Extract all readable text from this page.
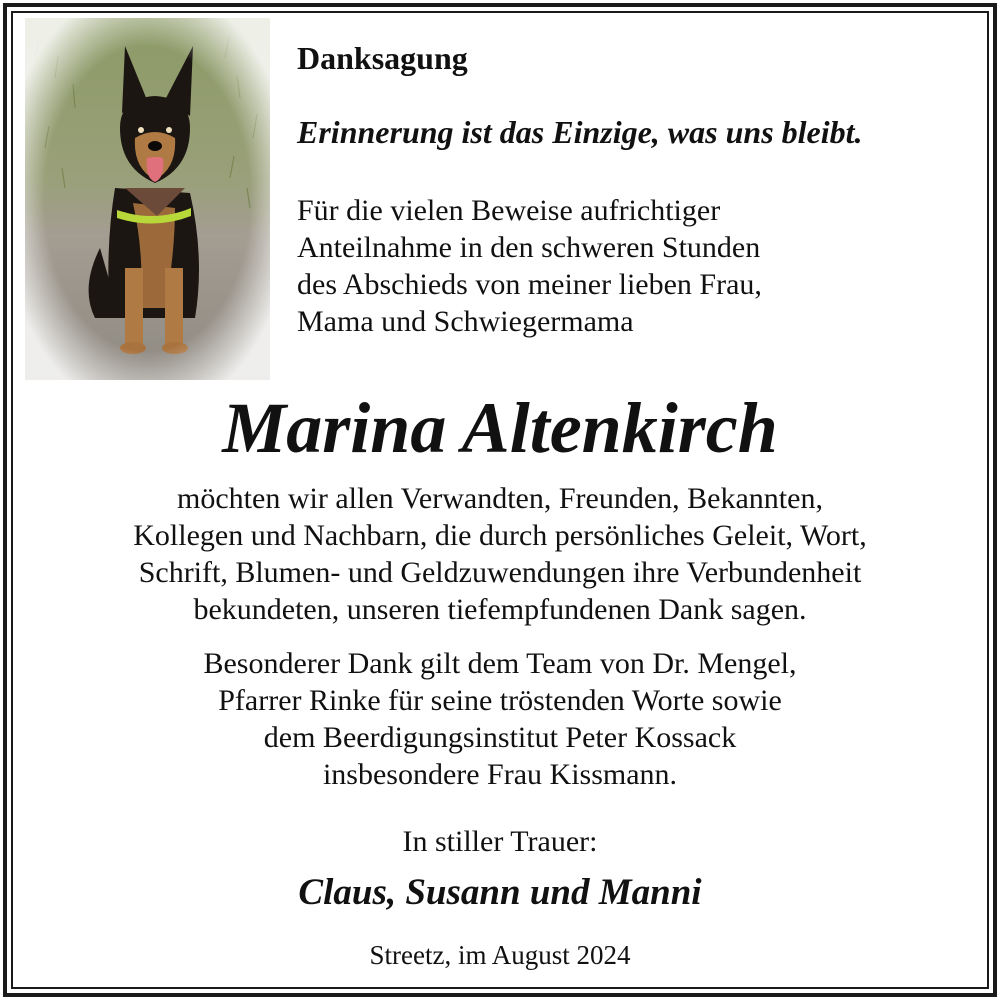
Danksagung

Erinnerung ist das Einzige, was uns bleibt.

Für die vielen Beweise aufrichtiger
Anteilnahme in den schweren Stunden
des Abschieds von meiner lieben Frau,
Mama und Schwiegermama

Marina Altenkirch

möchten wir allen Verwandten, Freunden, Bekannten,
Kollegen und Nachbarn, die durch persönliches Geleit, Wort,
Schrift, Blumen- und Geldzuwendungen ihre Verbundenheit
bekundeten, unseren tiefempfundenen Dank sagen.

Besonderer Dank gilt dem Team von Dr. Mengel,
Pfarrer Rinke für seine tröstenden Worte sowie
dem Beerdigungsinstitut Peter Kossack
insbesondere Frau Kissmann.

In stiller Trauer:

Claus, Susann und Manni

Streetz, im August 2024
